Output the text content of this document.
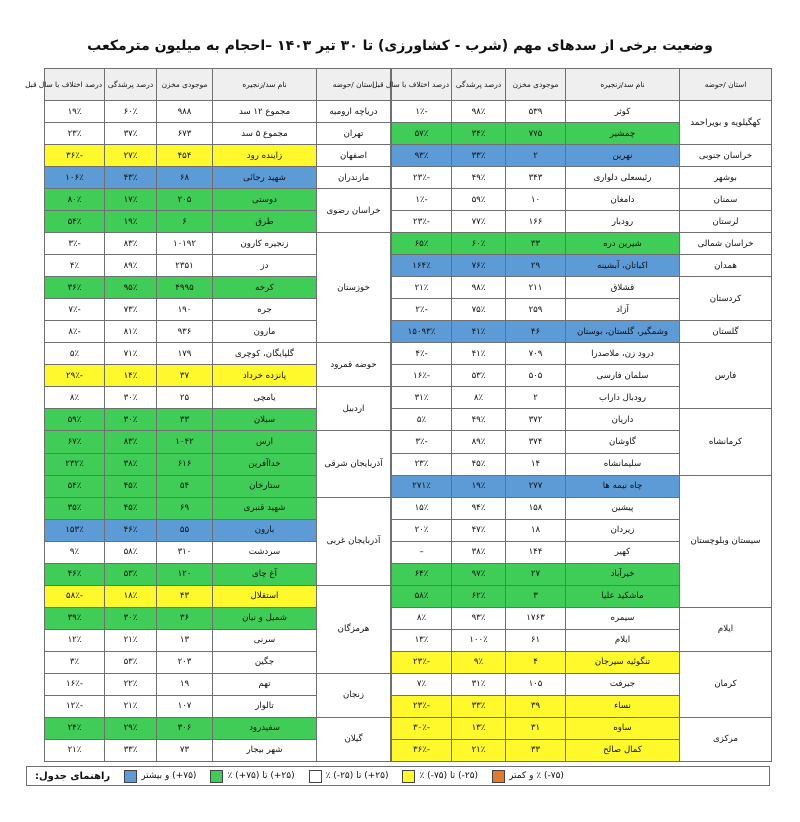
وضعیت برخی از سدهای مهم (شرب - کشاورزی) تا ۳۰ تیر ۱۴۰۳ –احجام به میلیون مترمکعب
استان /حوضه	نام سد/زنجیره	موجودی مخزن	درصد پرشدگی	درصد اختلاف با سال قبل
دریاچه ارومیه	مجموع ۱۲ سد	۹۸۸	۶۰٪	۱۹٪
تهران	مجموع ۵ سد	۶۷۳	۳۷٪	۲۳٪
اصفهان	زاینده رود	۴۵۴	۲۷٪	-۳۶٪
مازندران	شهید رجائی	۶۸	۴۳٪	۱۰۶٪
خراسان رضوی	دوستی	۲۰۵	۱۷٪	۸۰٪
	طرق	۶	۱۹٪	۵۴٪
خوزستان	زنجیره کارون	۱۰۱۹۲	۸۳٪	-۳٪
	دز	۲۳۵۱	۸۹٪	۴٪
	کرخه	۴۹۹۵	۹۵٪	۳۶٪
	جره	۱۹۰	۷۳٪	-۷٪
	مارون	۹۳۶	۸۱٪	-۸٪
حوضه قمرود	گلپایگان، کوچری	۱۷۹	۷۱٪	۵٪
	پانزده خرداد	۳۷	۱۴٪	-۲۹٪
اردبیل	یامچی	۲۵	۳۰٪	۸٪
	سبلان	۳۳	۳۰٪	۵۹٪
آذربایجان شرقی	ارس	۱۰۴۲	۸۳٪	۶۷٪
	خداآفرین	۶۱۶	۳۸٪	۲۳۲٪
	ستارخان	۵۴	۴۵٪	۵۴٪
آذربایجان غربی	شهید قنبری	۶۹	۴۵٪	۳۵٪
	بارون	۵۵	۴۶٪	۱۵۳٪
	سردشت	۳۱۰	۵۸٪	۹٪
	آغ چای	۱۲۰	۵۳٪	۴۶٪
هرمزگان	استقلال	۴۳	۱۸٪	-۵۸٪
	شمیل و نیان	۳۶	۳۰٪	۳۹٪
	سرنی	۱۳	۲۱٪	۱۲٪
	جگین	۲۰۳	۵۳٪	۳٪
زنجان	تهم	۱۹	۲۲٪	-۱۶٪
	تالوار	۱۰۷	۲۱٪	-۱۲٪
گیلان	سفیدرود	۳۰۶	۲۹٪	۲۴٪
	شهر بیجار	۷۳	۳۳٪	۲۱٪
استان /حوضه	نام سد/زنجیره	موجودی مخزن	درصد پرشدگی	درصد اختلاف با سال قبل
کهگیلویه و بویراحمد	کوثر	۵۳۹	۹۸٪	-۱٪
	چمشیر	۷۷۵	۳۴٪	۵۷٪
خراسان جنوبی	نهرین	۲	۳۳٪	۹۳٪
بوشهر	رئیسعلی دلواری	۳۴۳	۴۹٪	-۲۳٪
سمنان	دامغان	۱۰	۵۹٪	-۱٪
لرستان	رودبار	۱۶۶	۷۷٪	-۲۳٪
خراسان شمالی	شیرین دره	۳۳	۶۰٪	۶۵٪
همدان	اکباتان، آبشینه	۲۹	۷۶٪	۱۶۴٪
کردستان	قشلاق	۲۱۱	۹۸٪	۲۱٪
	آزاد	۲۵۹	۷۵٪	-۲٪
گلستان	وشمگیر، گلستان، بوستان	۴۶	۴۱٪	۱۵۰۹۳٪
فارس	درود زن، ملاصدرا	۷۰۹	۴۱٪	-۴٪
	سلمان فارسی	۵۰۵	۵۳٪	-۱۶٪
	رودبال داراب	۲	۸٪	۳۱٪
کرمانشاه	داریان	۳۷۲	۴۹٪	۵٪
	گاوشان	۳۷۴	۸۹٪	-۳٪
	سلیمانشاه	۱۴	۴۵٪	۲۳٪
سیستان وبلوچستان	چاه نیمه ها	۲۷۷	۱۹٪	۲۷۱٪
	پیشین	۱۵۸	۹۴٪	۱۵٪
	زیردان	۱۸	۴۷٪	۲۰٪
	کهیر	۱۴۴	۳۸٪	–
	خیرآباد	۲۷	۹۷٪	۶۴٪
	ماشکید علیا	۳	۶۲٪	۵۸٪
ایلام	سیمره	۱۷۶۳	۹۳٪	۸٪
	ایلام	۶۱	۱۰۰٪	۱۳٪
کرمان	تنگوئیه سیرجان	۴	۹٪	-۲۳٪
	جیرفت	۱۰۵	۳۱٪	۷٪
	نساء	۳۹	۳۳٪	-۲۳٪
مرکزی	ساوه	۳۱	۱۳٪	-۳۰٪
	کمال صالح	۳۳	۲۱٪	-۳۶٪
راهنمای جدول:	(۷۵+) و بیشتر	(۲۵+) تا (۷۵+) ٪	(۲۵+) تا (۲۵-) ٪	(۲۵-) تا (۷۵-) ٪	(۷۵-) ٪ و کمتر
